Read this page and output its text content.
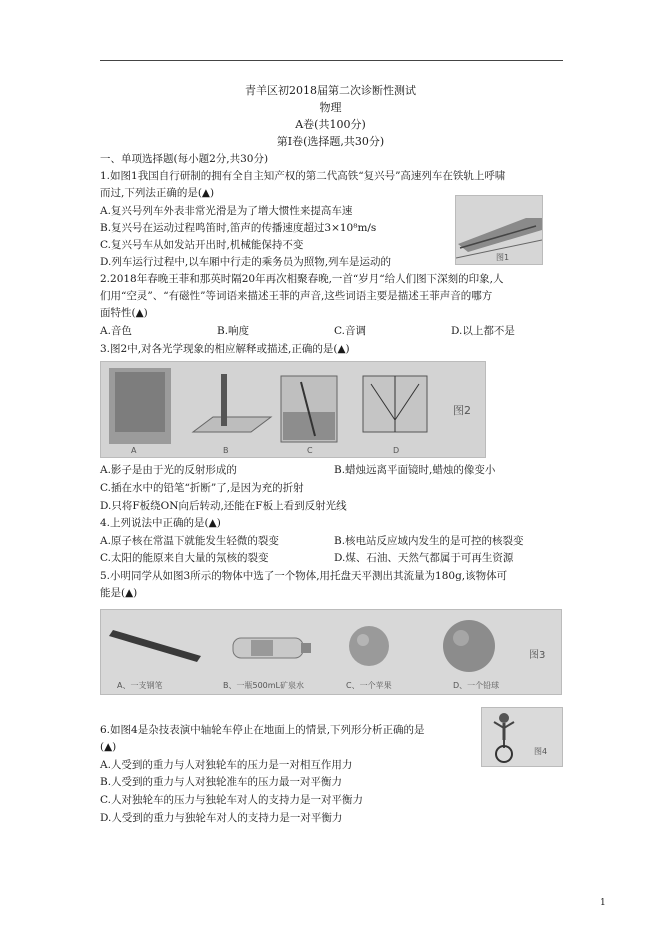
青羊区初2018届第二次诊断性测试
物理
A卷(共100分)
第Ⅰ卷(选择题,共30分)
一、单项选择题(每小题2分,共30分)
1.如图1我国自行研制的拥有全自主知产权的第二代高铁“复兴号”高速列车在铁轨上呼啸
而过,下列法正确的是(▲)
A.复兴号列车外表非常光滑是为了增大惯性来提高车速
B.复兴号在运动过程鸣笛时,笛声的传播速度超过3×10⁸m/s
C.复兴号车从如发站开出时,机械能保持不变
D.列车运行过程中,以车厢中行走的乘务员为照物,列车是运动的	图1
2.2018年春晚王菲和那英时隔20年再次相聚春晚,一首“岁月“给人们图下深刻的印象,人
们用“空灵”、“有磁性”等词语来描述王菲的声音,这些词语主要是描述王菲声音的哪方
面特性(▲)
A.音色	B.响度	C.音调	D.以上都不是
3.图2中,对各光学现象的相应解释或描述,正确的是(▲)
A	B	C	D
图2
A.影子是由于光的反射形成的	B.蜡烛远离平面镜时,蜡烛的像变小
C.插在水中的铅笔“折断”了,是因为充的折射
D.只将F板绕ON向后转动,还能在F板上看到反射光线
4.上列说法中正确的是(▲)
A.原子核在常温下就能发生轻微的裂变	B.核电站反应域内发生的是可控的核裂变
C.太阳的能原来自大量的氖核的裂变	D.煤、石油、天然气都属于可再生资源
5.小明同学从如图3所示的物体中选了一个物体,用托盘天平测出其流量为180g,该物体可
能是(▲)
A、一支钢笔	B、一瓶500mL矿泉水	C、一个苹果	D、一个铅球
图3
6.如图4是杂技表演中轴轮车停止在地面上的情景,下列形分析正确的是
(▲)	图4
A.人受到的重力与人对独轮车的压力是一对相互作用力
B.人受到的重力与人对独轮准车的压力最一对平衡力
C.人对独轮车的压力与独轮车对人的支持力是一对平衡力
D.人受到的重力与独轮车对人的支持力是一对平衡力
1
